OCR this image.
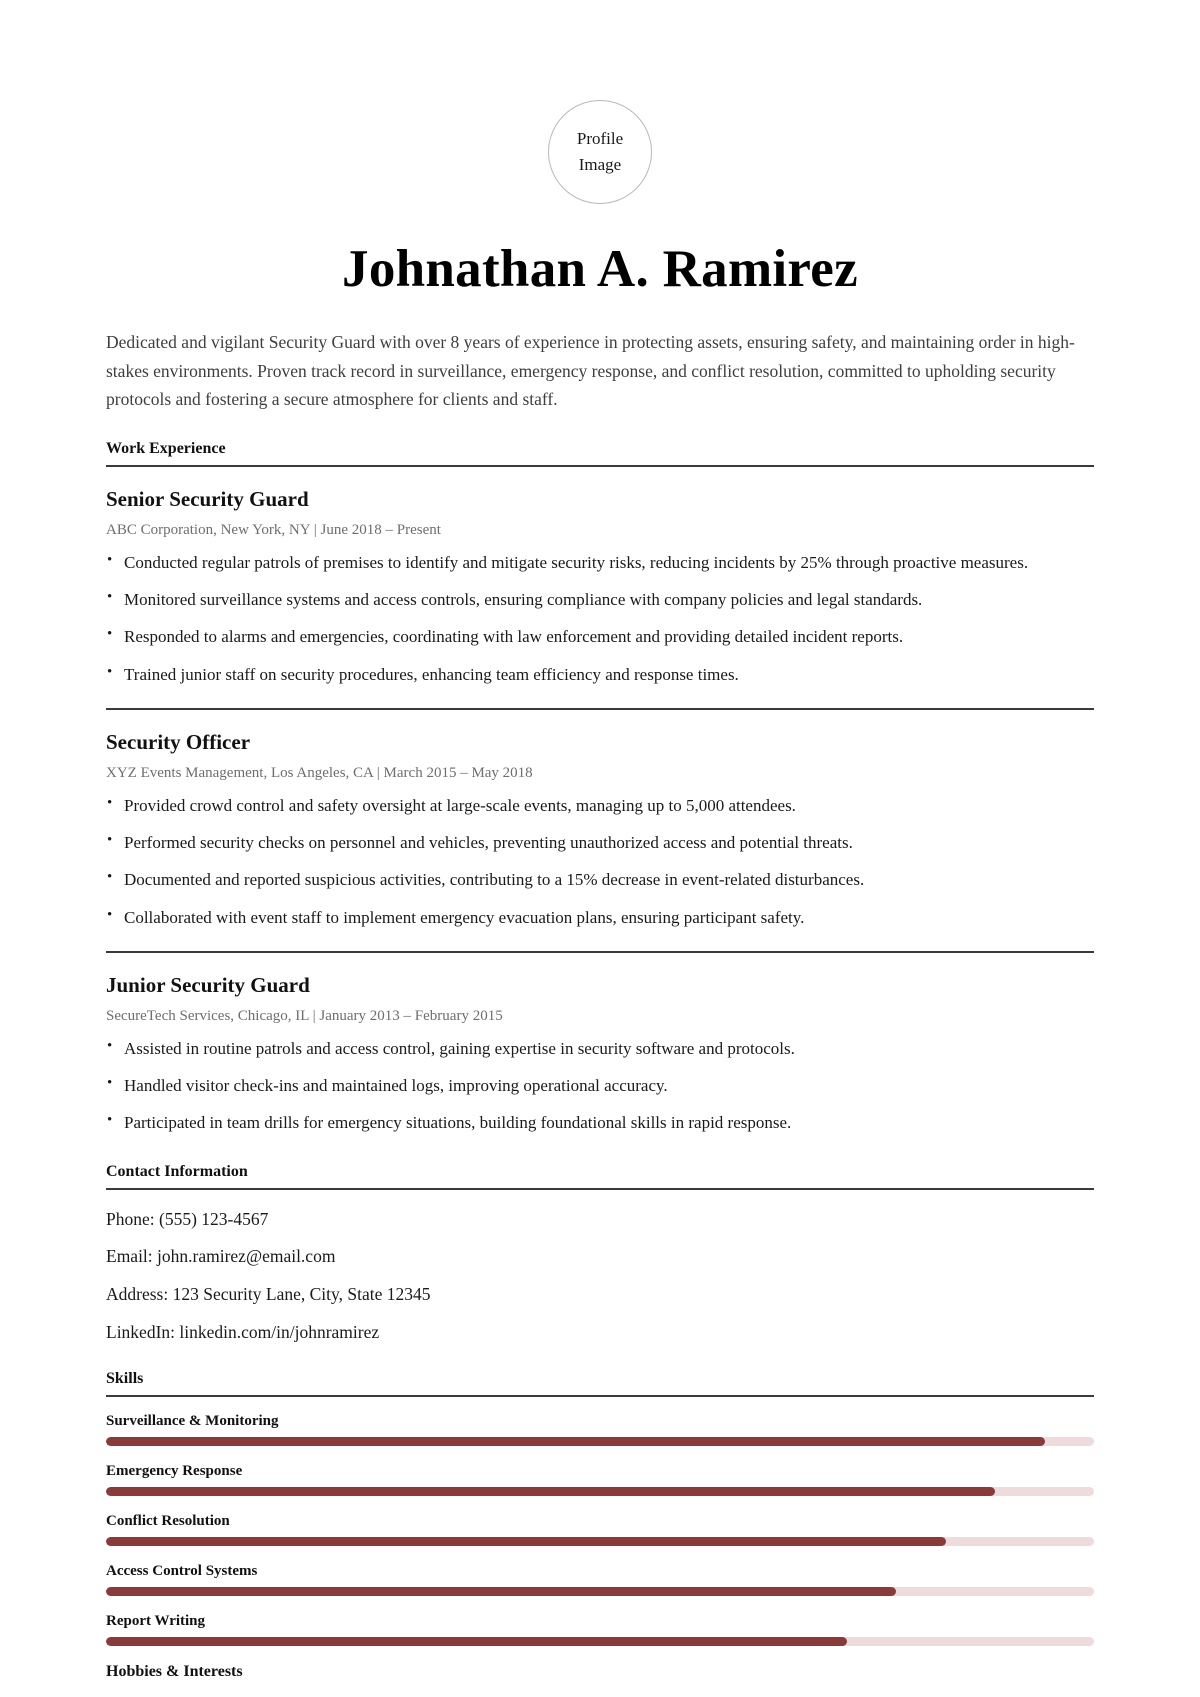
Profile
Image
Johnathan A. Ramirez

Dedicated and vigilant Security Guard with over 8 years of experience in protecting assets, ensuring safety, and maintaining order in high-stakes environments. Proven track record in surveillance, emergency response, and conflict resolution, committed to upholding security protocols and fostering a secure atmosphere for clients and staff.

Work Experience
Senior Security Guard
ABC Corporation, New York, NY | June 2018 – Present
• Conducted regular patrols of premises to identify and mitigate security risks, reducing incidents by 25% through proactive measures.
• Monitored surveillance systems and access controls, ensuring compliance with company policies and legal standards.
• Responded to alarms and emergencies, coordinating with law enforcement and providing detailed incident reports.
• Trained junior staff on security procedures, enhancing team efficiency and response times.
Security Officer
XYZ Events Management, Los Angeles, CA | March 2015 – May 2018
• Provided crowd control and safety oversight at large-scale events, managing up to 5,000 attendees.
• Performed security checks on personnel and vehicles, preventing unauthorized access and potential threats.
• Documented and reported suspicious activities, contributing to a 15% decrease in event-related disturbances.
• Collaborated with event staff to implement emergency evacuation plans, ensuring participant safety.
Junior Security Guard
SecureTech Services, Chicago, IL | January 2013 – February 2015
• Assisted in routine patrols and access control, gaining expertise in security software and protocols.
• Handled visitor check-ins and maintained logs, improving operational accuracy.
• Participated in team drills for emergency situations, building foundational skills in rapid response.
Contact Information
Phone: (555) 123-4567
Email: john.ramirez@email.com
Address: 123 Security Lane, City, State 12345
LinkedIn: linkedin.com/in/johnramirez
Skills
Surveillance & Monitoring
Emergency Response
Conflict Resolution
Access Control Systems
Report Writing
Hobbies & Interests
